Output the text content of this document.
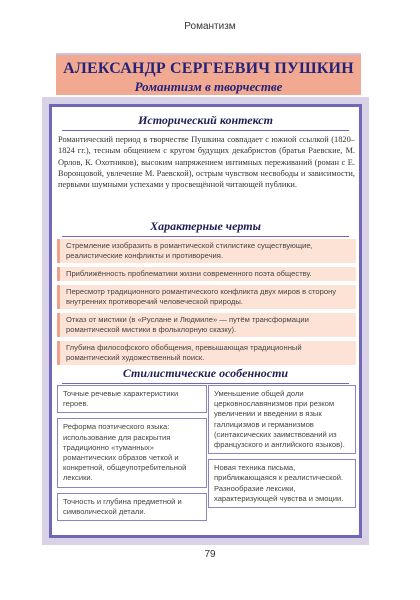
Романтизм
АЛЕКСАНДР СЕРГЕЕВИЧ ПУШКИН
Романтизм в творчестве
Исторический контекст
Романтический период в творчестве Пушкина совпадает с южной ссылкой (1820–1824 гг.), тесным общением с кругом будущих декабристов (братья Раевские, М. Орлов, К. Охотников), высоким напряжением интимных переживаний (роман с Е. Воронцовой, увлечение М. Раевской), острым чувством несвободы и зависимости, первыми шумными успехами у просвещённой читающей публики.
Характерные черты
Стремление изобразить в романтической стилистике существующие, реалистические конфликты и противоречия.
Приближённость проблематики жизни современного поэта обществу.
Пересмотр традиционного романтического конфликта двух миров в сторону внутренних противоречий человеческой природы.
Отказ от мистики (в «Руслане и Людмиле» — путём трансформации романтической мистики в фольклорную сказку).
Глубина философского обобщения, превышающая традиционный романтический художественный поиск.
Стилистические особенности
Точные речевые характеристики героев.
Реформа поэтического языка: использование для раскрытия традиционно «туманных» романтических образов четкой и конкретной, общеупотребительной лексики.
Точность и глубина предметной и символической детали.
Уменьшение общей доли церковнославянизмов при резком увеличении и введении в язык галлицизмов и германизмов (синтаксических заимствований из французского и английского языков).
Новая техника письма, приближающаяся к реалистической. Разнообразие лексики, характеризующей чувства и эмоции.
79
